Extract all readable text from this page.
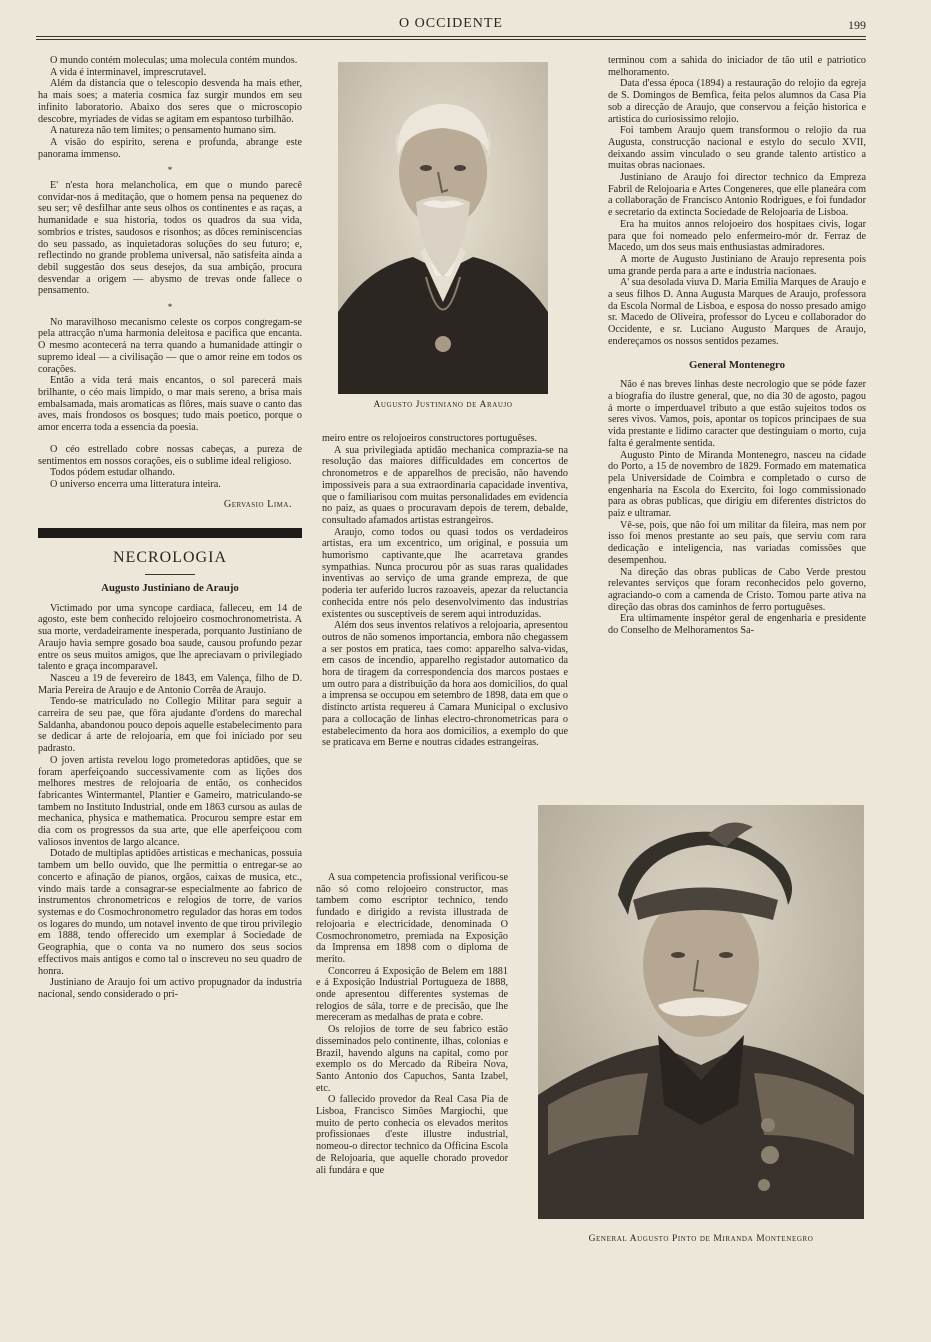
O OCCIDENTE	199

O mundo contém moleculas; uma molecula contém mundos.

A vida é interminavel, imprescrutavel.

Além da distancia que o telescopio desvenda ha mais ether, ha mais soes; a materia cosmica faz surgir mundos em seu infinito laboratorio. Abaixo dos seres que o microscopio descobre, myriades de vidas se agitam em espantoso turbilhão.

A natureza não tem limites; o pensamento humano sim.

A visão do espirito, serena e profunda, abrange este panorama immenso.

*

E' n'esta hora melancholica, em que o mundo parecê convidar-nos á meditação, que o homem pensa na pequenez do seu ser; vê desfilhar ante seus olhos os continentes e as raças, a humanidade e sua historia, todos os quadros da sua vida, sombrios e tristes, saudosos e risonhos; as dôces reminiscencias do seu passado, as inquietadoras soluções do seu futuro; e, reflectindo no grande problema universal, não satisfeita ainda a debil suggestão dos seus desejos, da sua ambição, procura desvendar a origem — abysmo de trevas onde fallece o pensamento.

*

No maravilhoso mecanismo celeste os corpos congregam-se pela attracção n'uma harmonia deleitosa e pacifica que encanta. O mesmo acontecerá na terra quando a humanidade attingir o supremo ideal — a civilisação — que o amor reine em todos os corações.

Então a vida terá mais encantos, o sol parecerá mais brilhante, o céo mais limpido, o mar mais sereno, a brisa mais embalsamada, mais aromaticas as flôres, mais suave o canto das aves, mais frondosos os bosques; tudo mais poetico, porque o amor encerra toda a essencia da poesia.

O céo estrellado cobre nossas cabeças, a pureza de sentimentos em nossos corações, eis o sublime ideal religioso.

Todos pódem estudar olhando.

O universo encerra uma litteratura inteira.

Gervasio Lima.
NECROLOGIA
Augusto Justiniano de Araujo

Victimado por uma syncope cardiaca, falleceu, em 14 de agosto, este bem conhecido relojoeiro cosmochronometrista. A sua morte, verdadeiramente inesperada, porquanto Justiniano de Araujo havia sempre gosado boa saude, causou profundo pezar entre os seus muitos amigos, que lhe apreciavam o privilegiado talento e graça incomparavel.

Nasceu a 19 de fevereiro de 1843, em Valença, filho de D. Maria Pereira de Araujo e de Antonio Corrêa de Araujo.

Tendo-se matriculado no Collegio Militar para seguir a carreira de seu pae, que fôra ajudante d'ordens do marechal Saldanha, abandonou pouco depois aquelle estabelecimento para se dedicar á arte de relojoaria, em que foi iniciado por seu padrasto.

O joven artista revelou logo prometedoras aptidões, que se foram aperfeiçoando successivamente com as lições dos melhores mestres de relojoaria de então, os conhecidos fabricantes Wintermantel, Plantier e Gameiro, matriculando-se tambem no Instituto Industrial, onde em 1863 cursou as aulas de mechanica, physica e mathematica. Procurou sempre estar em dia com os progressos da sua arte, que elle aperfeiçoou com valiosos inventos de largo alcance.

Dotado de multiplas aptidões artisticas e mechanicas, possuia tambem um bello ouvido, que lhe permittia o entregar-se ao concerto e afinação de pianos, orgãos, caixas de musica, etc., vindo mais tarde a consagrar-se especialmente ao fabrico de instrumentos chronometricos e relogios de torre, de varios systemas e do Cosmochronometro regulador das horas em todos os logares do mundo, um notavel invento de que tirou privilegio em 1888, tendo offerecido um exemplar á Sociedade de Geographia, que o conta va no numero dos seus socios effectivos mais antigos e como tal o inscreveu no seu quadro de honra.

Justiniano de Araujo foi um activo propugnador da industria nacional, sendo considerado o pri-

Augusto Justiniano de Araujo

meiro entre os relojoeiros constructores portuguêses.

A sua privilegiada aptidão mechanica comprazia-se na resolução das maiores difficuldades em concertos de chronometros e de apparelhos de precisão, não havendo impossiveis para a sua extraordinaria capacidade inventiva, que o familiarisou com muitas personalidades em evidencia no paiz, as quaes o procuravam depois de terem, debalde, consultado afamados artistas estrangeiros.

Araujo, como todos ou quasi todos os verdadeiros artistas, era um excentrico, um original, e possuia um humorismo captivante,que lhe acarretava grandes sympathias. Nunca procurou pôr as suas raras qualidades inventivas ao serviço de uma grande empreza, de que poderia ter auferido lucros razoaveis, apezar da reluctancia conhecida entre nós pelo desenvolvimento das industrias existentes ou susceptiveis de serem aqui introduzidas.

Além dos seus inventos relativos a relojoaria, apresentou outros de não somenos importancia, embora não chegassem a ser postos em pratica, taes como: apparelho salva-vidas, em casos de incendio, apparelho registador automatico da hora de tiragem da correspondencia dos marcos postaes e um outro para a distribuição da hora aos domicilios, do qual a imprensa se occupou em setembro de 1898, data em que o distincto artista requereu á Camara Municipal o exclusivo para a collocação de linhas electro-chronometricas para o estabelecimento da hora aos domicilios, a exemplo do que se praticava em Berne e noutras cidades estrangeiras.

A sua competencia profissional verificou-se não só como relojoeiro constructor, mas tambem como escriptor technico, tendo fundado e dirigido a revista illustrada de relojoaria e electricidade, denominada O Cosmochronometro, premiada na Exposição da Imprensa em 1898 com o diploma de merito.

Concorreu á Exposição de Belem em 1881 e á Exposição Industrial Portugueza de 1888, onde apresentou differentes systemas de relogios de sála, torre e de precisão, que lhe mereceram as medalhas de prata e cobre.

Os relojios de torre de seu fabrico estão disseminados pelo continente, ilhas, colonias e Brazil, havendo alguns na capital, como por exemplo os do Mercado da Ribeira Nova, Santo Antonio dos Capuchos, Santa Izabel, etc.

O fallecido provedor da Real Casa Pia de Lisboa, Francisco Simões Margiochi, que muito de perto conhecia os elevados meritos profissionaes d'este illustre industrial, nomeou-o director technico da Officina Escola de Relojoaria, que aquelle chorado provedor ali fundára e que

terminou com a sahida do iniciador de tão util e patriotico melhoramento.

Data d'essa época (1894) a restauração do relojio da egreja de S. Domingos de Bemfica, feita pelos alumnos da Casa Pia sob a direcção de Araujo, que conservou a feição historica e artistica do curiosissimo relojio.

Foi tambem Araujo quem transformou o relojio da rua Augusta, construcção nacional e estylo do seculo XVII, deixando assim vinculado o seu grande talento artistico a muitas obras nacionaes.

Justiniano de Araujo foi director technico da Empreza Fabril de Relojoaria e Artes Congeneres, que elle planeára com a collaboração de Francisco Antonio Rodrigues, e foi fundador e secretario da extincta Sociedade de Relojoaria de Lisboa.

Era ha muitos annos relojoeiro dos hospitaes civis, logar para que foi nomeado pelo enfermeiro-mór dr. Ferraz de Macedo, um dos seus mais enthusiastas admiradores.

A morte de Augusto Justiniano de Araujo representa pois uma grande perda para a arte e industria nacionaes.

A' sua desolada viuva D. Maria Emilia Marques de Araujo e a seus filhos D. Anna Augusta Marques de Araujo, professora da Escola Normal de Lisboa, e esposa do nosso presado amigo sr. Macedo de Oliveira, professor do Lyceu e collaborador do Occidente, e sr. Luciano Augusto Marques de Araujo, endereçamos os nossos sentidos pezames.

General Montenegro

Não é nas breves linhas deste necrologio que se póde fazer a biografia do ilustre general, que, no dia 30 de agosto, pagou á morte o imperduavel tributo a que estão sujeitos todos os seres vivos. Vamos, pois, apontar os topicos principaes de sua vida prestante e lidimo caracter que destinguiam o morto, cuja falta é geralmente sentida.

Augusto Pinto de Miranda Montenegro, nasceu na cidade do Porto, a 15 de novembro de 1829. Formado em matematica pela Universidade de Coimbra e completado o curso de engenharia na Escola do Exercito, foi logo commissionado para as obras publicas, que dirigiu em diferentes districtos do paiz e ultramar.

Vê-se, pois, que não foi um militar da fileira, mas nem por isso foi menos prestante ao seu país, que serviu com rara dedicação e inteligencia, nas variadas comissões que desempenhou.

Na direção das obras publicas de Cabo Verde prestou relevantes serviços que foram reconhecidos pelo governo, agraciando-o com a camenda de Cristo. Tomou parte ativa na direção das obras dos caminhos de ferro portuguêses.

Era ultimamente inspétor geral de engenharia e presidente do Conselho de Melhoramentos Sa-

General Augusto Pinto de Miranda Montenegro
